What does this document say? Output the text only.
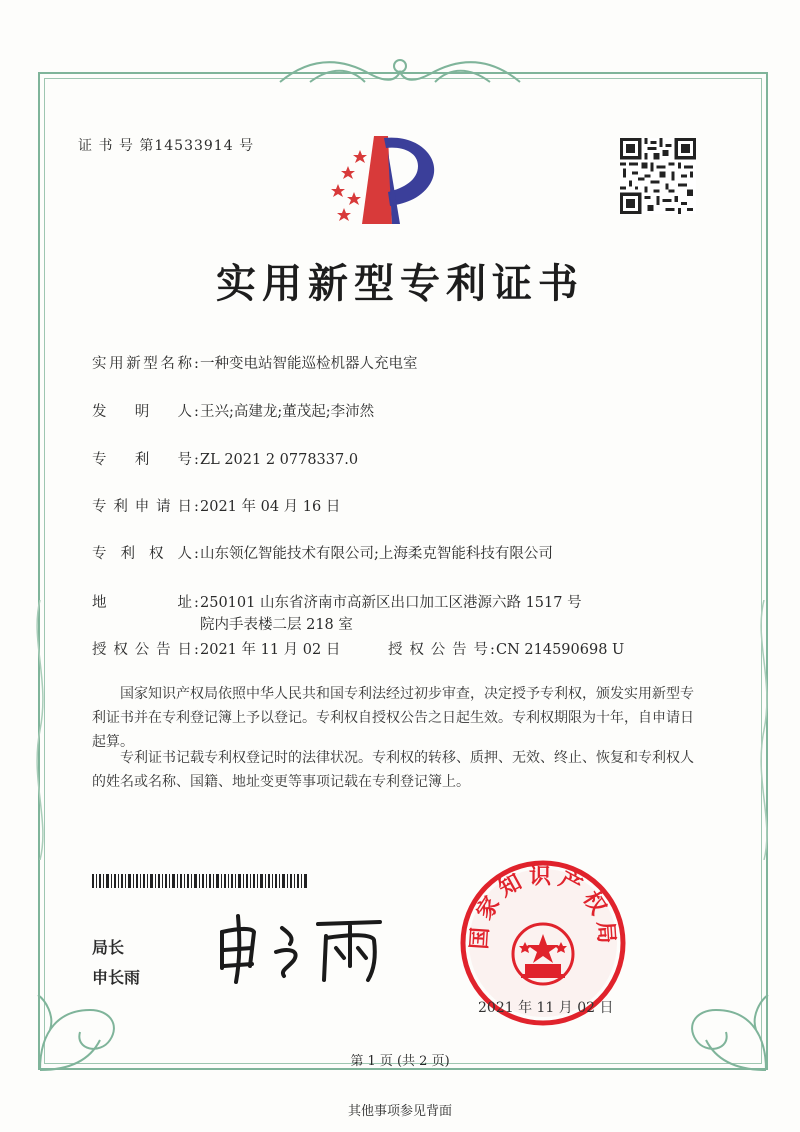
证 书 号 第14533914 号
实用新型专利证书
实用新型名称 :一种变电站智能巡检机器人充电室
发 明 人 :王兴;高建龙;董茂起;李沛然
专 利 号 :ZL 2021 2 0778337.0
专利申请日 :2021 年 04 月 16 日
专 利 权 人 :山东领亿智能技术有限公司;上海柔克智能科技有限公司
地 址 :250101 山东省济南市高新区出口加工区港源六路 1517 号
院内手表楼二层 218 室
授权公告日 :2021 年 11 月 02 日	授权公告号 :CN 214590698 U
国家知识产权局依照中华人民共和国专利法经过初步审查，决定授予专利权，颁发实用新型专利证书并在专利登记簿上予以登记。专利权自授权公告之日起生效。专利权期限为十年，自申请日起算。
专利证书记载专利权登记时的法律状况。专利权的转移、质押、无效、终止、恢复和专利权人的姓名或名称、国籍、地址变更等事项记载在专利登记簿上。
局长
申长雨
国家知识产权局
2021 年 11 月 02 日
第 1 页 (共 2 页)
其他事项参见背面
